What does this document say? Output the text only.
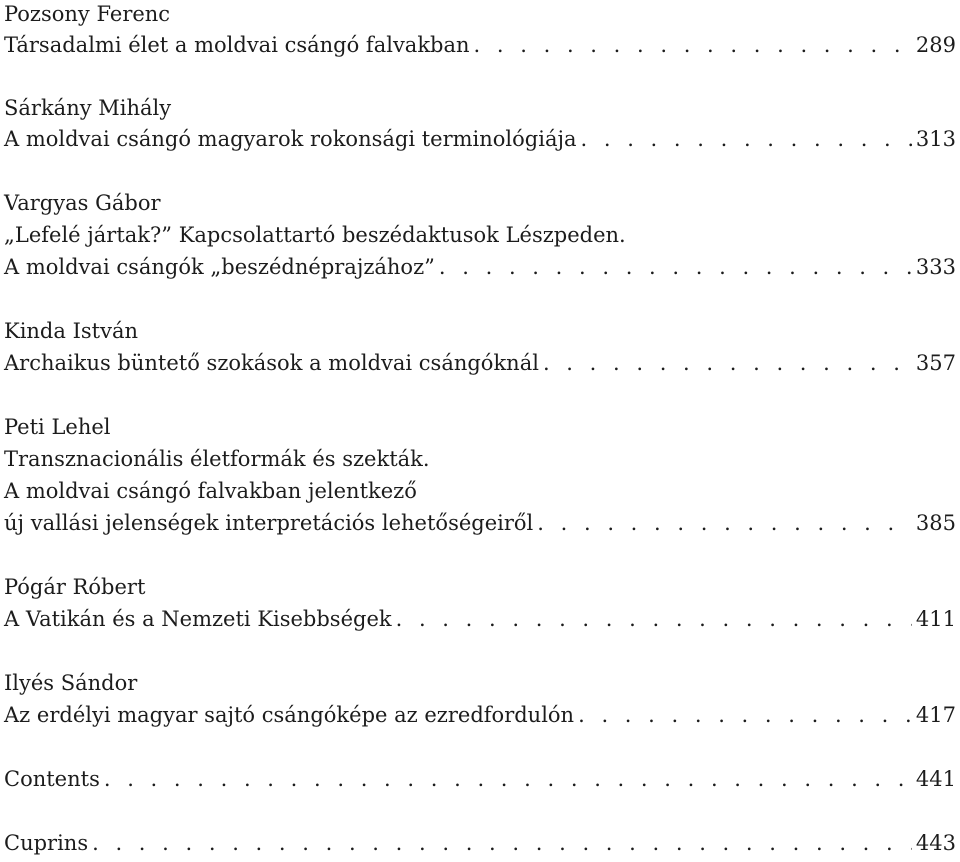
Pozsony Ferenc
Társadalmi élet a moldvai csángó falvakban . . .	289
Sárkány Mihály
A moldvai csángó magyarok rokonsági terminológiája . . .	313
Vargyas Gábor
„Lefelé jártak?” Kapcsolattartó beszédaktusok Lészpeden.
A moldvai csángók „beszédnéprajzához” . . .	333
Kinda István
Archaikus büntető szokások a moldvai csángóknál . . .	357
Peti Lehel
Transznacionális életformák és szekták.
A moldvai csángó falvakban jelentkező
új vallási jelenségek interpretációs lehetőségeiről . . .	385
Pógár Róbert
A Vatikán és a Nemzeti Kisebbségek . . .	411
Ilyés Sándor
Az erdélyi magyar sajtó csángóképe az ezredfordulón . . .	417
Contents . . .	441
Cuprins . . .	443
